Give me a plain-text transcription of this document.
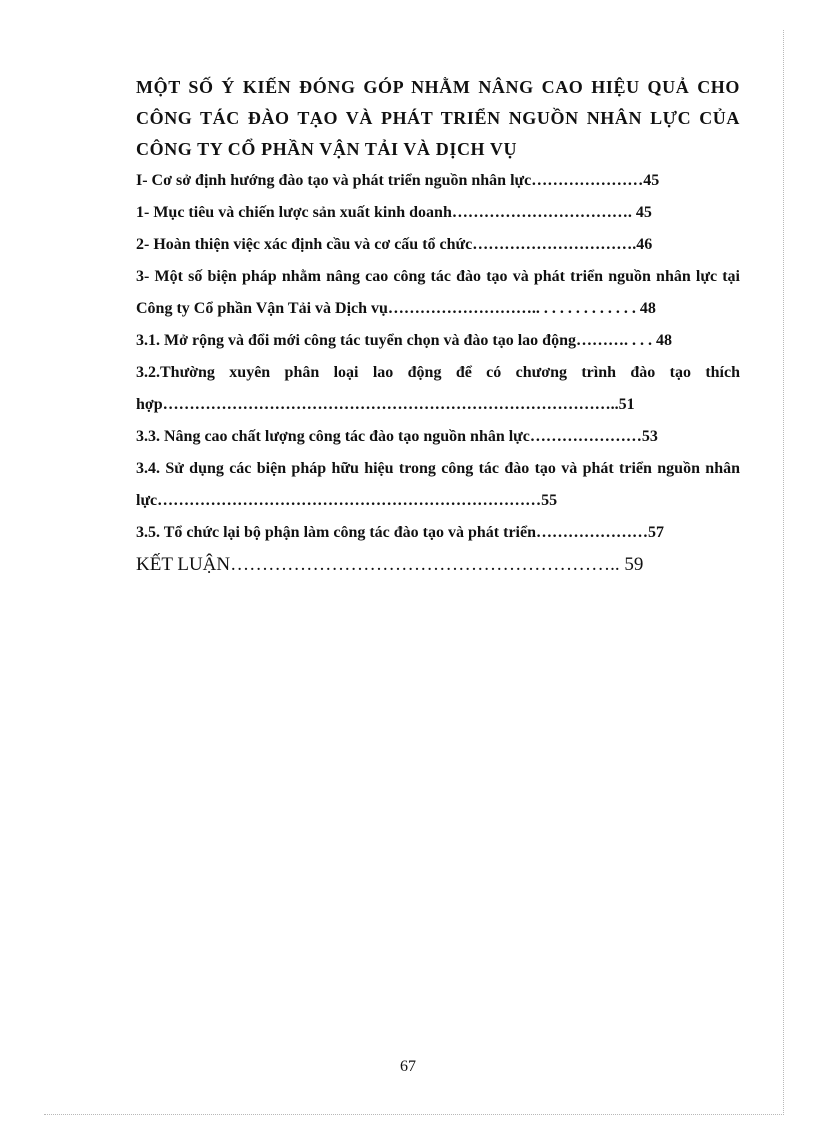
MỘT SỐ Ý KIẾN ĐÓNG GÓP NHẰM NÂNG CAO HIỆU QUẢ CHO CÔNG TÁC ĐÀO TẠO VÀ PHÁT TRIỂN NGUỒN NHÂN LỰC CỦA CÔNG TY CỔ PHẦN VẬN TẢI VÀ DỊCH VỤ

I- Cơ sở định hướng đào tạo và phát triển nguồn nhân lực…………………45

1- Mục tiêu và chiến lược sản xuất kinh doanh……………………………. 45

2- Hoàn thiện việc xác định cầu và cơ cấu tổ chức………………………….46

3- Một số biện pháp nhằm nâng cao công tác đào tạo và phát triển nguồn nhân lực tại Công ty Cổ phần Vận Tải và Dịch vụ……………………….. . . . . . . . . . . . . 48

3.1. Mở rộng và đổi mới công tác tuyển chọn và đào tạo lao động………. . . . 48

3.2.Thường xuyên phân loại lao động để có chương trình đào tạo thích hợp…………………………………………………………………………..51

3.3. Nâng cao chất lượng công tác đào tạo nguồn nhân lực…………………53

3.4. Sử dụng các biện pháp hữu hiệu trong công tác đào tạo và phát triển nguồn nhân lực………………………………………………………………55

3.5. Tổ chức lại bộ phận làm công tác đào tạo và phát triển…………………57

KẾT LUẬN…………………………………………………….. 59

67
